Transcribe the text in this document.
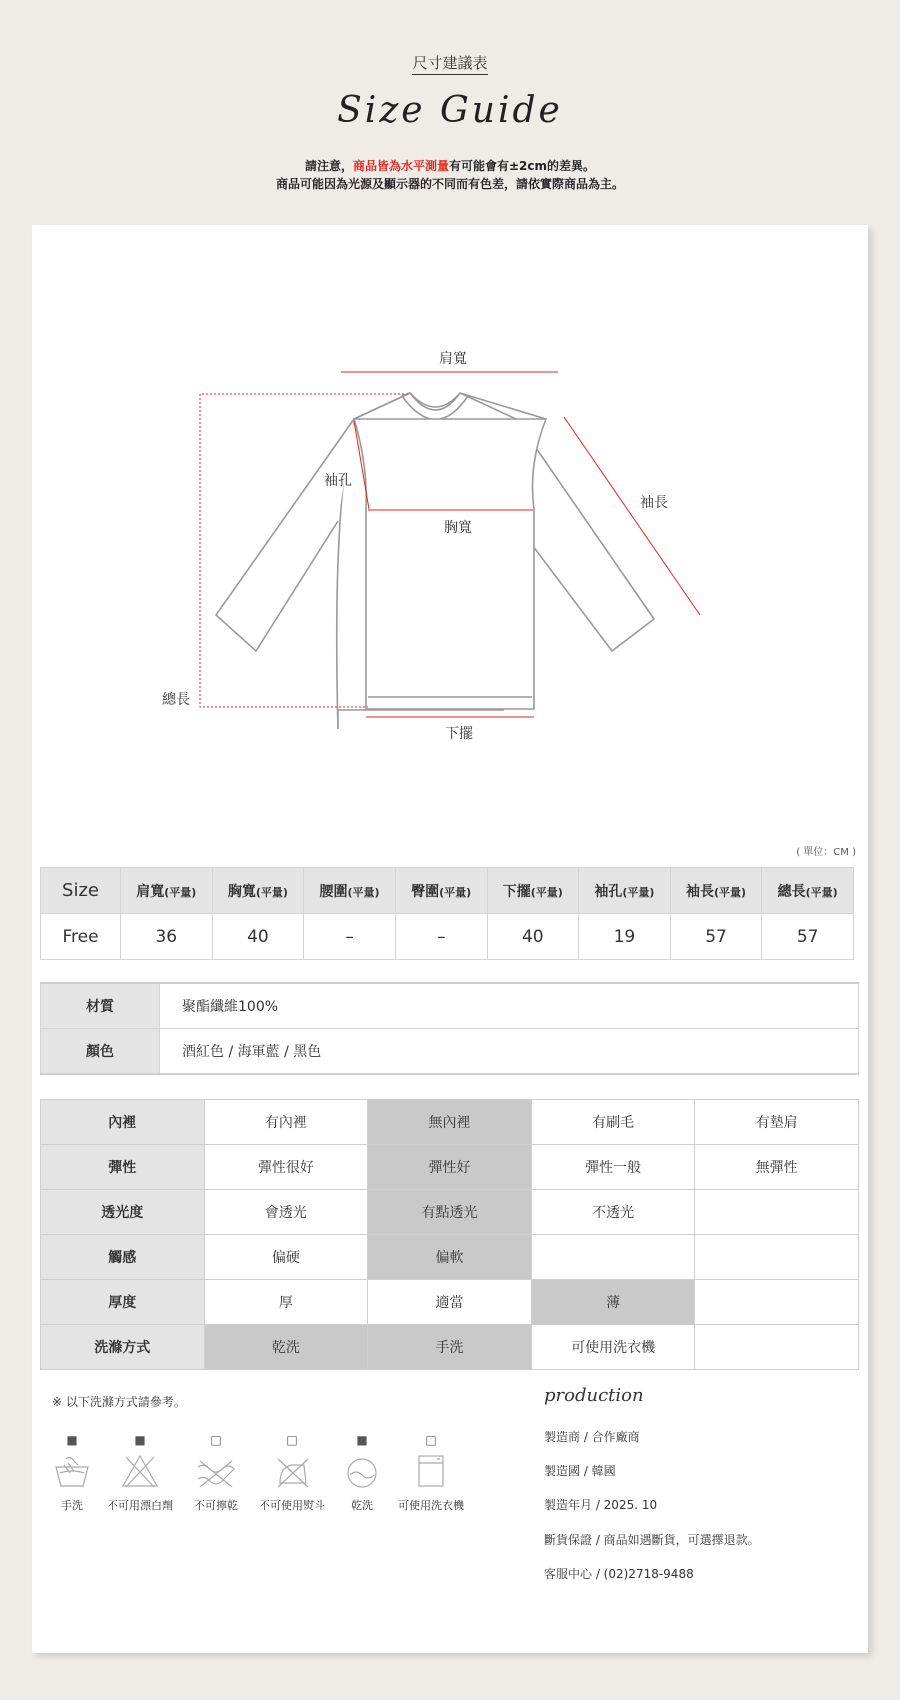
尺寸建議表
Size Guide
請注意，商品皆為水平測量有可能會有±2cm的差異。
商品可能因為光源及顯示器的不同而有色差，請依實際商品為主。
肩寬
袖孔
胸寬
袖長
總長
下擺
( 單位：CM )
Size	肩寬(平量)	胸寬(平量)	腰圍(平量)	臀圍(平量)	下擺(平量)	袖孔(平量)	袖長(平量)	總長(平量)
Free	36	40	–	–	40	19	57	57
材質	聚酯纖維100%
顏色	酒紅色 / 海軍藍 / 黑色
內裡	有內裡	無內裡	有刷毛	有墊肩
彈性	彈性很好	彈性好	彈性一般	無彈性
透光度	會透光	有點透光	不透光	
觸感	偏硬	偏軟		
厚度	厚	適當	薄	
洗滌方式	乾洗	手洗	可使用洗衣機	
※ 以下洗滌方式請參考。
■
手洗
■
不可用漂白劑
□
不可擰乾
□
不可使用熨斗
■
乾洗
□
可使用洗衣機
production
製造商 / 合作廠商
製造國 / 韓國
製造年月 / 2025. 10
斷貨保證 / 商品如遇斷貨，可選擇退款。
客服中心 / (02)2718-9488
